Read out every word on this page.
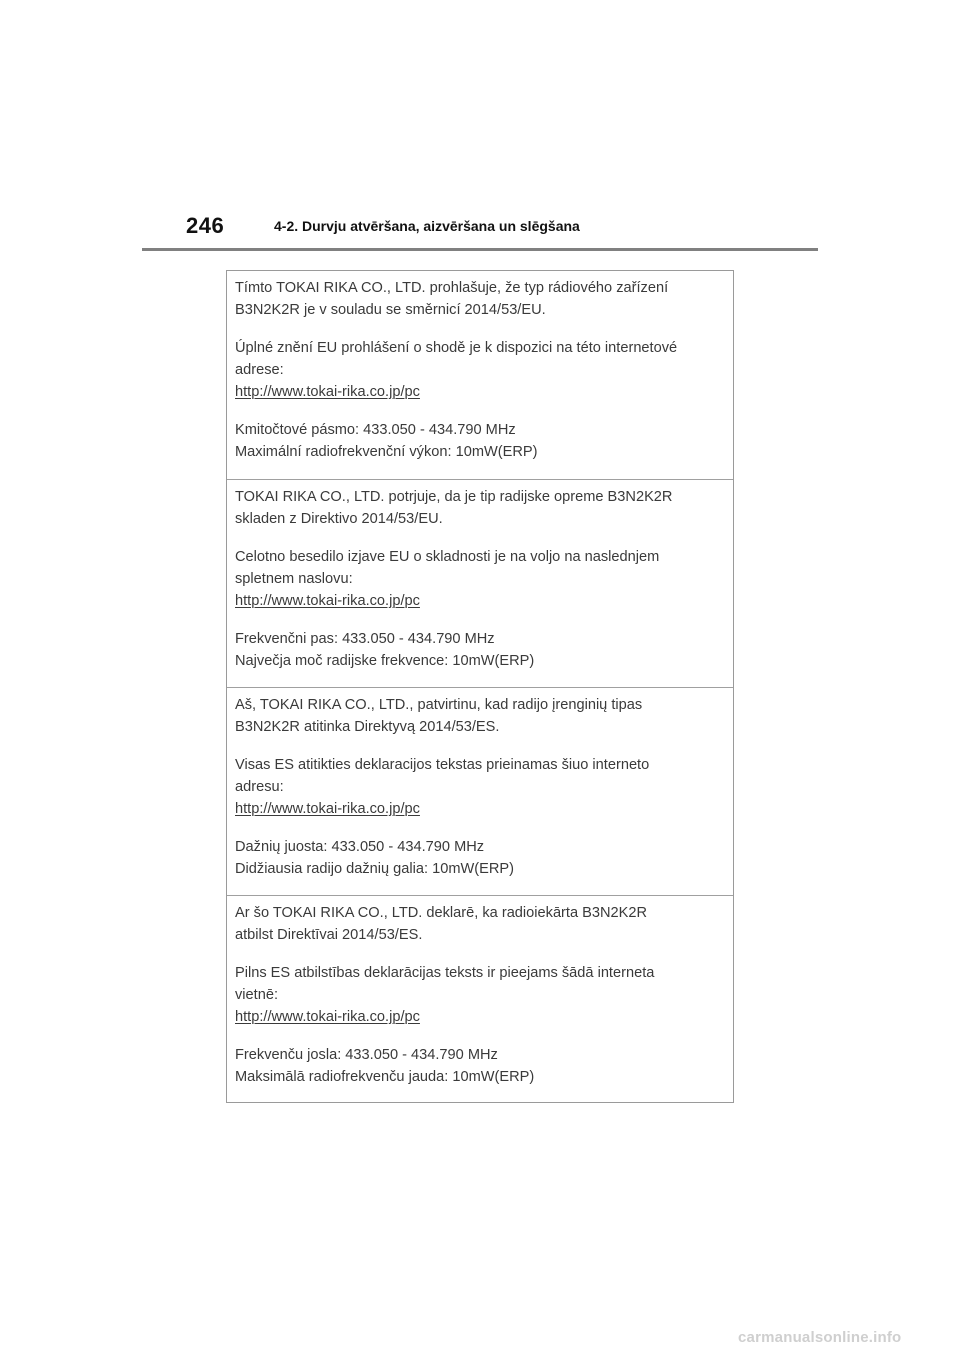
246	4-2. Durvju atvēršana, aizvēršana un slēgšana

Tímto TOKAI RIKA CO., LTD. prohlašuje, že typ rádiového zařízení

B3N2K2R je v souladu se směrnicí 2014/53/EU.

Úplné znění EU prohlášení o shodě je k dispozici na této internetové

adrese:

http://www.tokai-rika.co.jp/pc

Kmitočtové pásmo: 433.050 - 434.790 MHz

Maximální radiofrekvenční výkon: 10mW(ERP)

TOKAI RIKA CO., LTD. potrjuje, da je tip radijske opreme B3N2K2R

skladen z Direktivo 2014/53/EU.

Celotno besedilo izjave EU o skladnosti je na voljo na naslednjem

spletnem naslovu:

http://www.tokai-rika.co.jp/pc

Frekvenčni pas: 433.050 - 434.790 MHz

Največja moč radijske frekvence: 10mW(ERP)

Aš, TOKAI RIKA CO., LTD., patvirtinu, kad radijo įrenginių tipas

B3N2K2R atitinka Direktyvą 2014/53/ES.

Visas ES atitikties deklaracijos tekstas prieinamas šiuo interneto

adresu:

http://www.tokai-rika.co.jp/pc

Dažnių juosta: 433.050 - 434.790 MHz

Didžiausia radijo dažnių galia: 10mW(ERP)

Ar šo TOKAI RIKA CO., LTD. deklarē, ka radioiekārta B3N2K2R

atbilst Direktīvai 2014/53/ES.

Pilns ES atbilstības deklarācijas teksts ir pieejams šādā interneta

vietnē:

http://www.tokai-rika.co.jp/pc

Frekvenču josla: 433.050 - 434.790 MHz

Maksimālā radiofrekvenču jauda: 10mW(ERP)

carmanualsonline.info
